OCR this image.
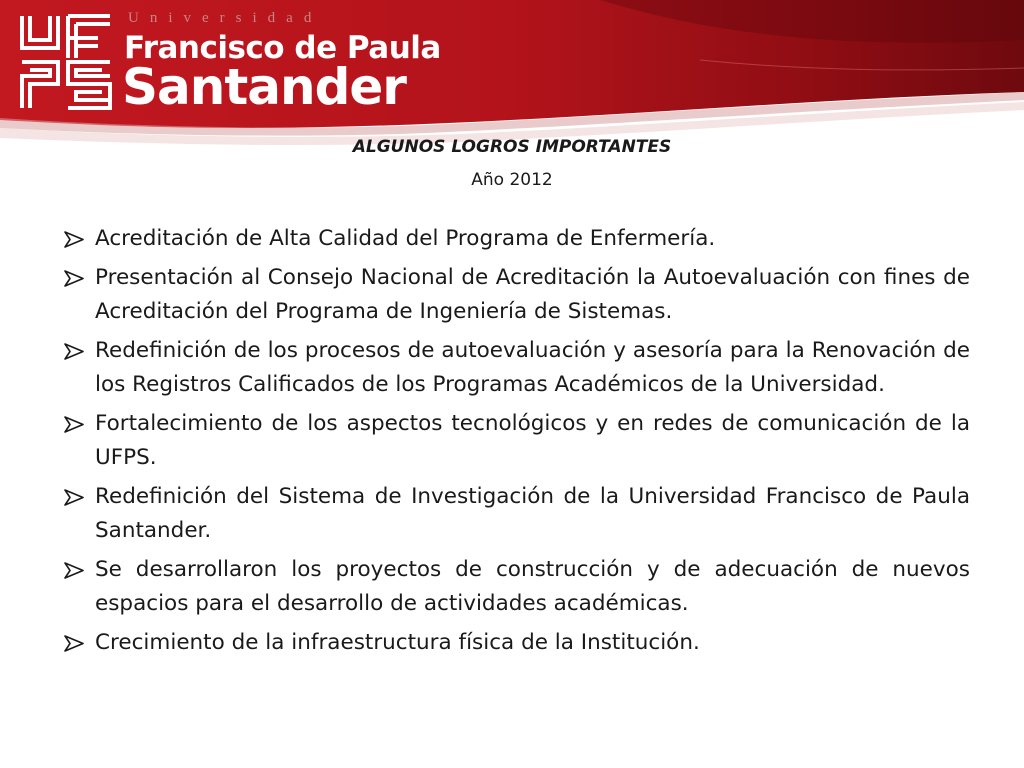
Universidad
Francisco de Paula
Santander
ALGUNOS LOGROS IMPORTANTES
Año 2012
Acreditación de Alta Calidad del Programa de Enfermería.
Presentación al Consejo Nacional de Acreditación la Autoevaluación con fines de Acreditación del Programa de Ingeniería de Sistemas.
Redefinición de los procesos de autoevaluación y asesoría para la Renovación de los Registros Calificados de los Programas Académicos de la Universidad.
Fortalecimiento de los aspectos tecnológicos y en redes de comunicación de la UFPS.
Redefinición del Sistema de Investigación de la Universidad Francisco de Paula Santander.
Se desarrollaron los proyectos de construcción y de adecuación de nuevos espacios para el desarrollo de actividades académicas.
Crecimiento de la infraestructura física de la Institución.
